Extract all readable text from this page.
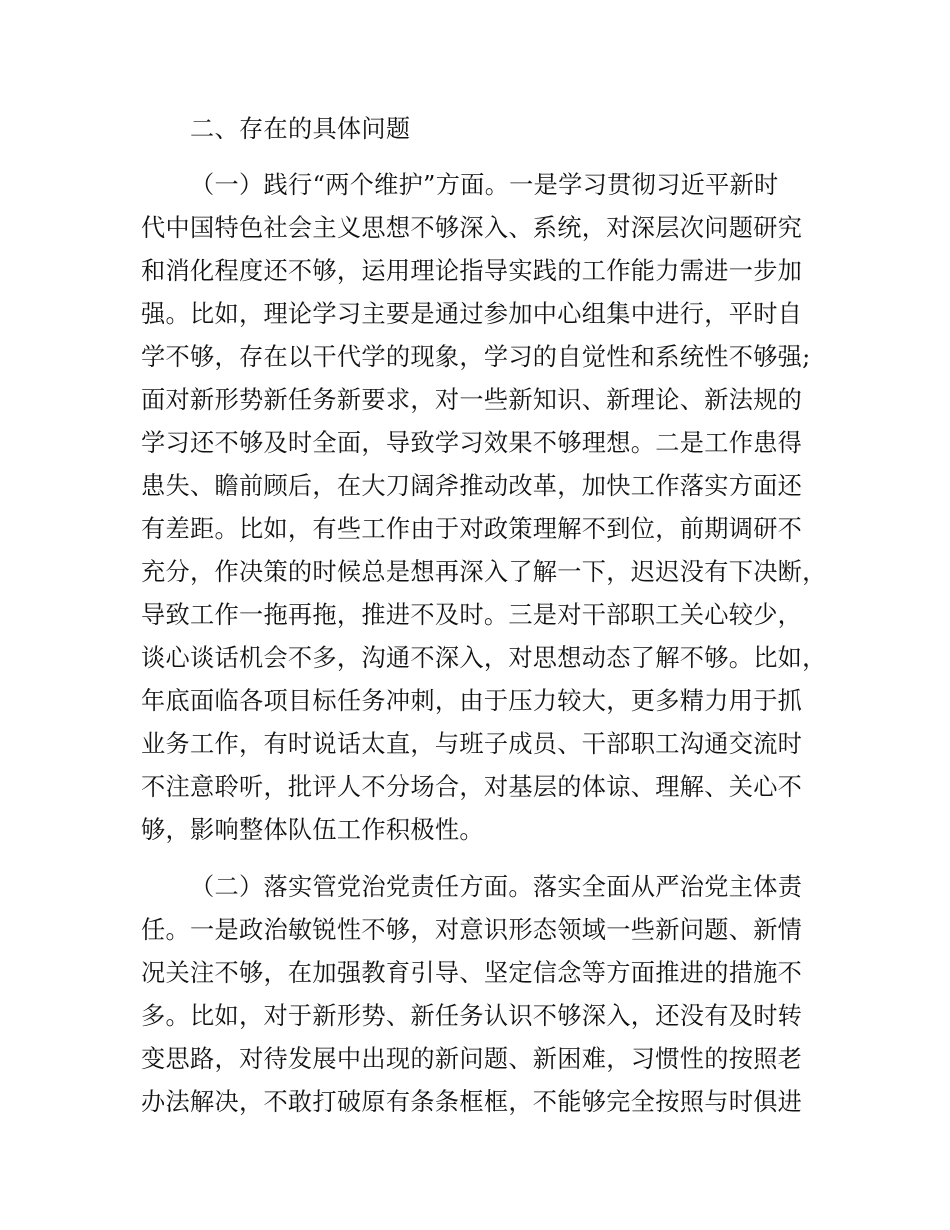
二、存在的具体问题
（一）践行“两个维护”方面。一是学习贯彻习近平新时
代中国特色社会主义思想不够深入、系统，对深层次问题研究
和消化程度还不够，运用理论指导实践的工作能力需进一步加
强。比如，理论学习主要是通过参加中心组集中进行，平时自
学不够，存在以干代学的现象，学习的自觉性和系统性不够强;
面对新形势新任务新要求，对一些新知识、新理论、新法规的
学习还不够及时全面，导致学习效果不够理想。二是工作患得
患失、瞻前顾后，在大刀阔斧推动改革，加快工作落实方面还
有差距。比如，有些工作由于对政策理解不到位，前期调研不
充分，作决策的时候总是想再深入了解一下，迟迟没有下决断，
导致工作一拖再拖，推进不及时。三是对干部职工关心较少，
谈心谈话机会不多，沟通不深入，对思想动态了解不够。比如，
年底面临各项目标任务冲刺，由于压力较大，更多精力用于抓
业务工作，有时说话太直，与班子成员、干部职工沟通交流时
不注意聆听，批评人不分场合，对基层的体谅、理解、关心不
够，影响整体队伍工作积极性。
（二）落实管党治党责任方面。落实全面从严治党主体责
任。一是政治敏锐性不够，对意识形态领域一些新问题、新情
况关注不够，在加强教育引导、坚定信念等方面推进的措施不
多。比如，对于新形势、新任务认识不够深入，还没有及时转
变思路，对待发展中出现的新问题、新困难，习惯性的按照老
办法解决，不敢打破原有条条框框，不能够完全按照与时俱进
